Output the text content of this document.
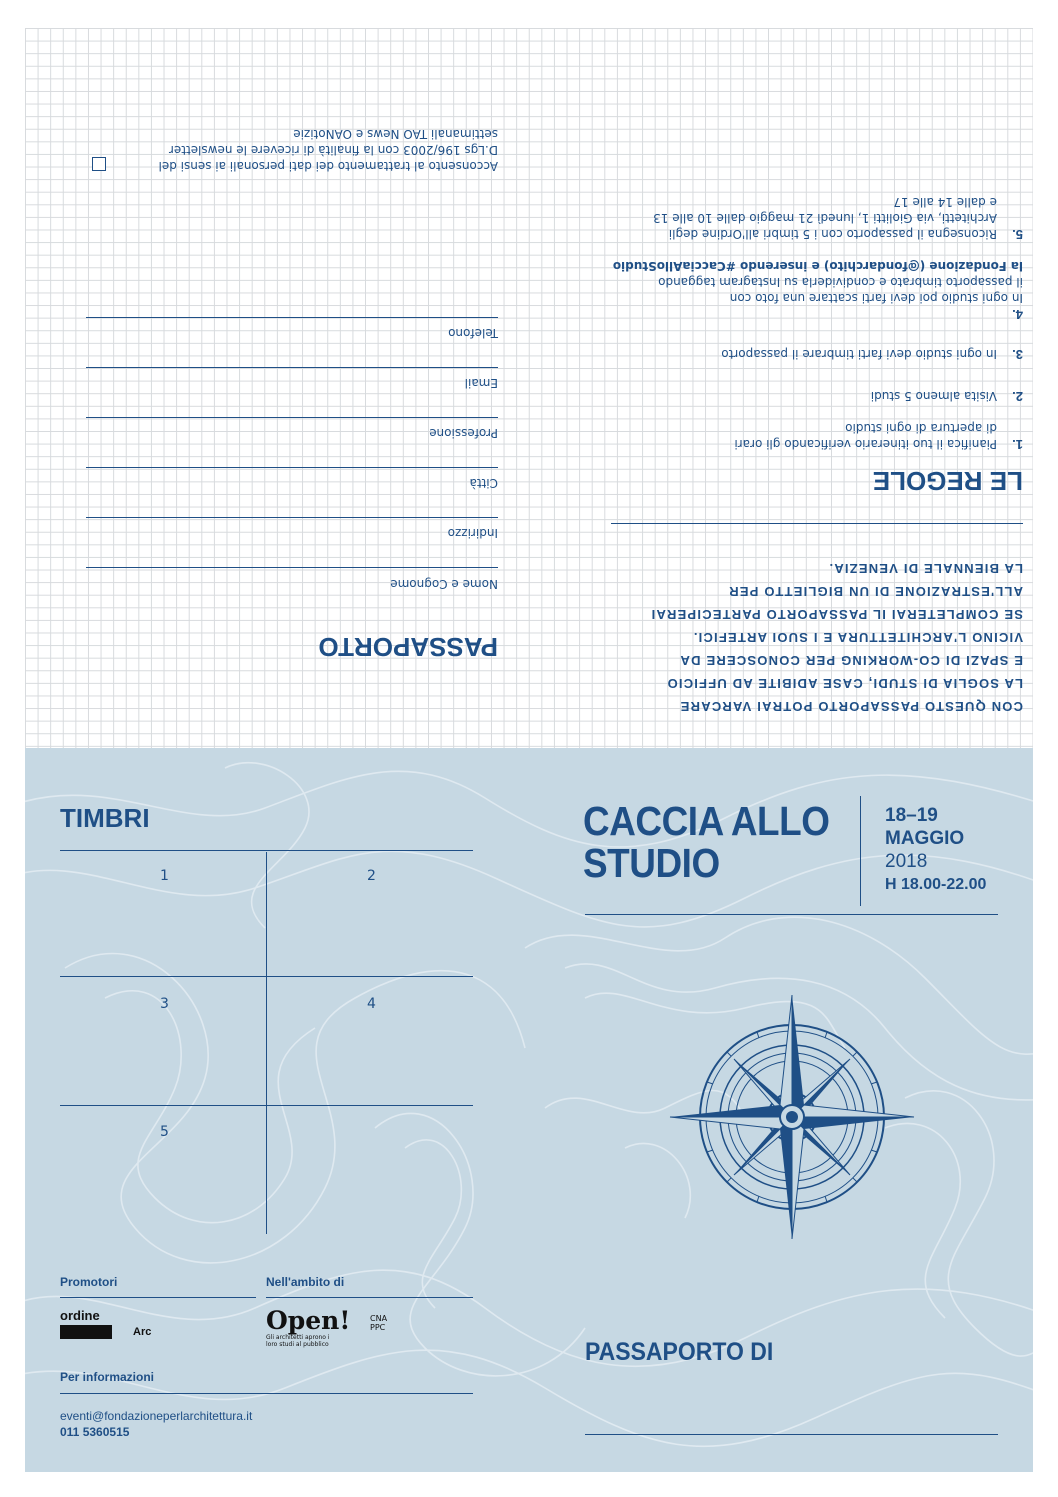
PASSAPORTO
Nome e Cognome
Indirizzo
Città
Professione
Email
Telefono
Acconsento al trattamento dei dati personali ai sensi del
D.Lgs 196/2003 con la finalità di ricevere le newsletter
settimanali TAO News e OANotizie
CON QUESTO PASSAPORTO POTRAI VARCARE
LA SOGLIA DI STUDI, CASE ADIBITE AD UFFICIO
E SPAZI DI CO-WORKING PER CONOSCERE DA
VICINO L'ARCHITETTURA E I SUOI ARTEFICI.
SE COMPLETERAI IL PASSAPORTO PARTECIPERAI
ALL'ESTRAZIONE DI UN BIGLIETTO PER
LA BIENNALE DI VENEZIA.
LE REGOLE
1.
Pianifica il tuo itinerario verificando gli orari
di apertura di ogni studio
2.
Visita almeno 5 studi
3.
In ogni studio devi farti timbrare il passaporto
4.
In ogni studio poi devi farti scattare una foto con
il passaporto timbrato e condividerla su Instagram taggando
la Fondazione (@fondarchito) e inserendo #CacciaAlloStudio
5.
Riconsegna il passaporto con i 5 timbri all'Ordine degli
Architetti, via Giolitti 1, lunedì 21 maggio dalle 10 alle 13
e dalle 14 alle 17
TIMBRI
1	2
3	4
5
CACCIA ALLO
STUDIO
18–19
MAGGIO
2018
H 18.00-22.00
PASSAPORTO DI
Promotori	Nell'ambito di
ordine
Arc	Open!
Gli architetti aprono i loro studi al pubblico
CNA PPC
Per informazioni
eventi@fondazioneperlarchitettura.it
011 5360515
